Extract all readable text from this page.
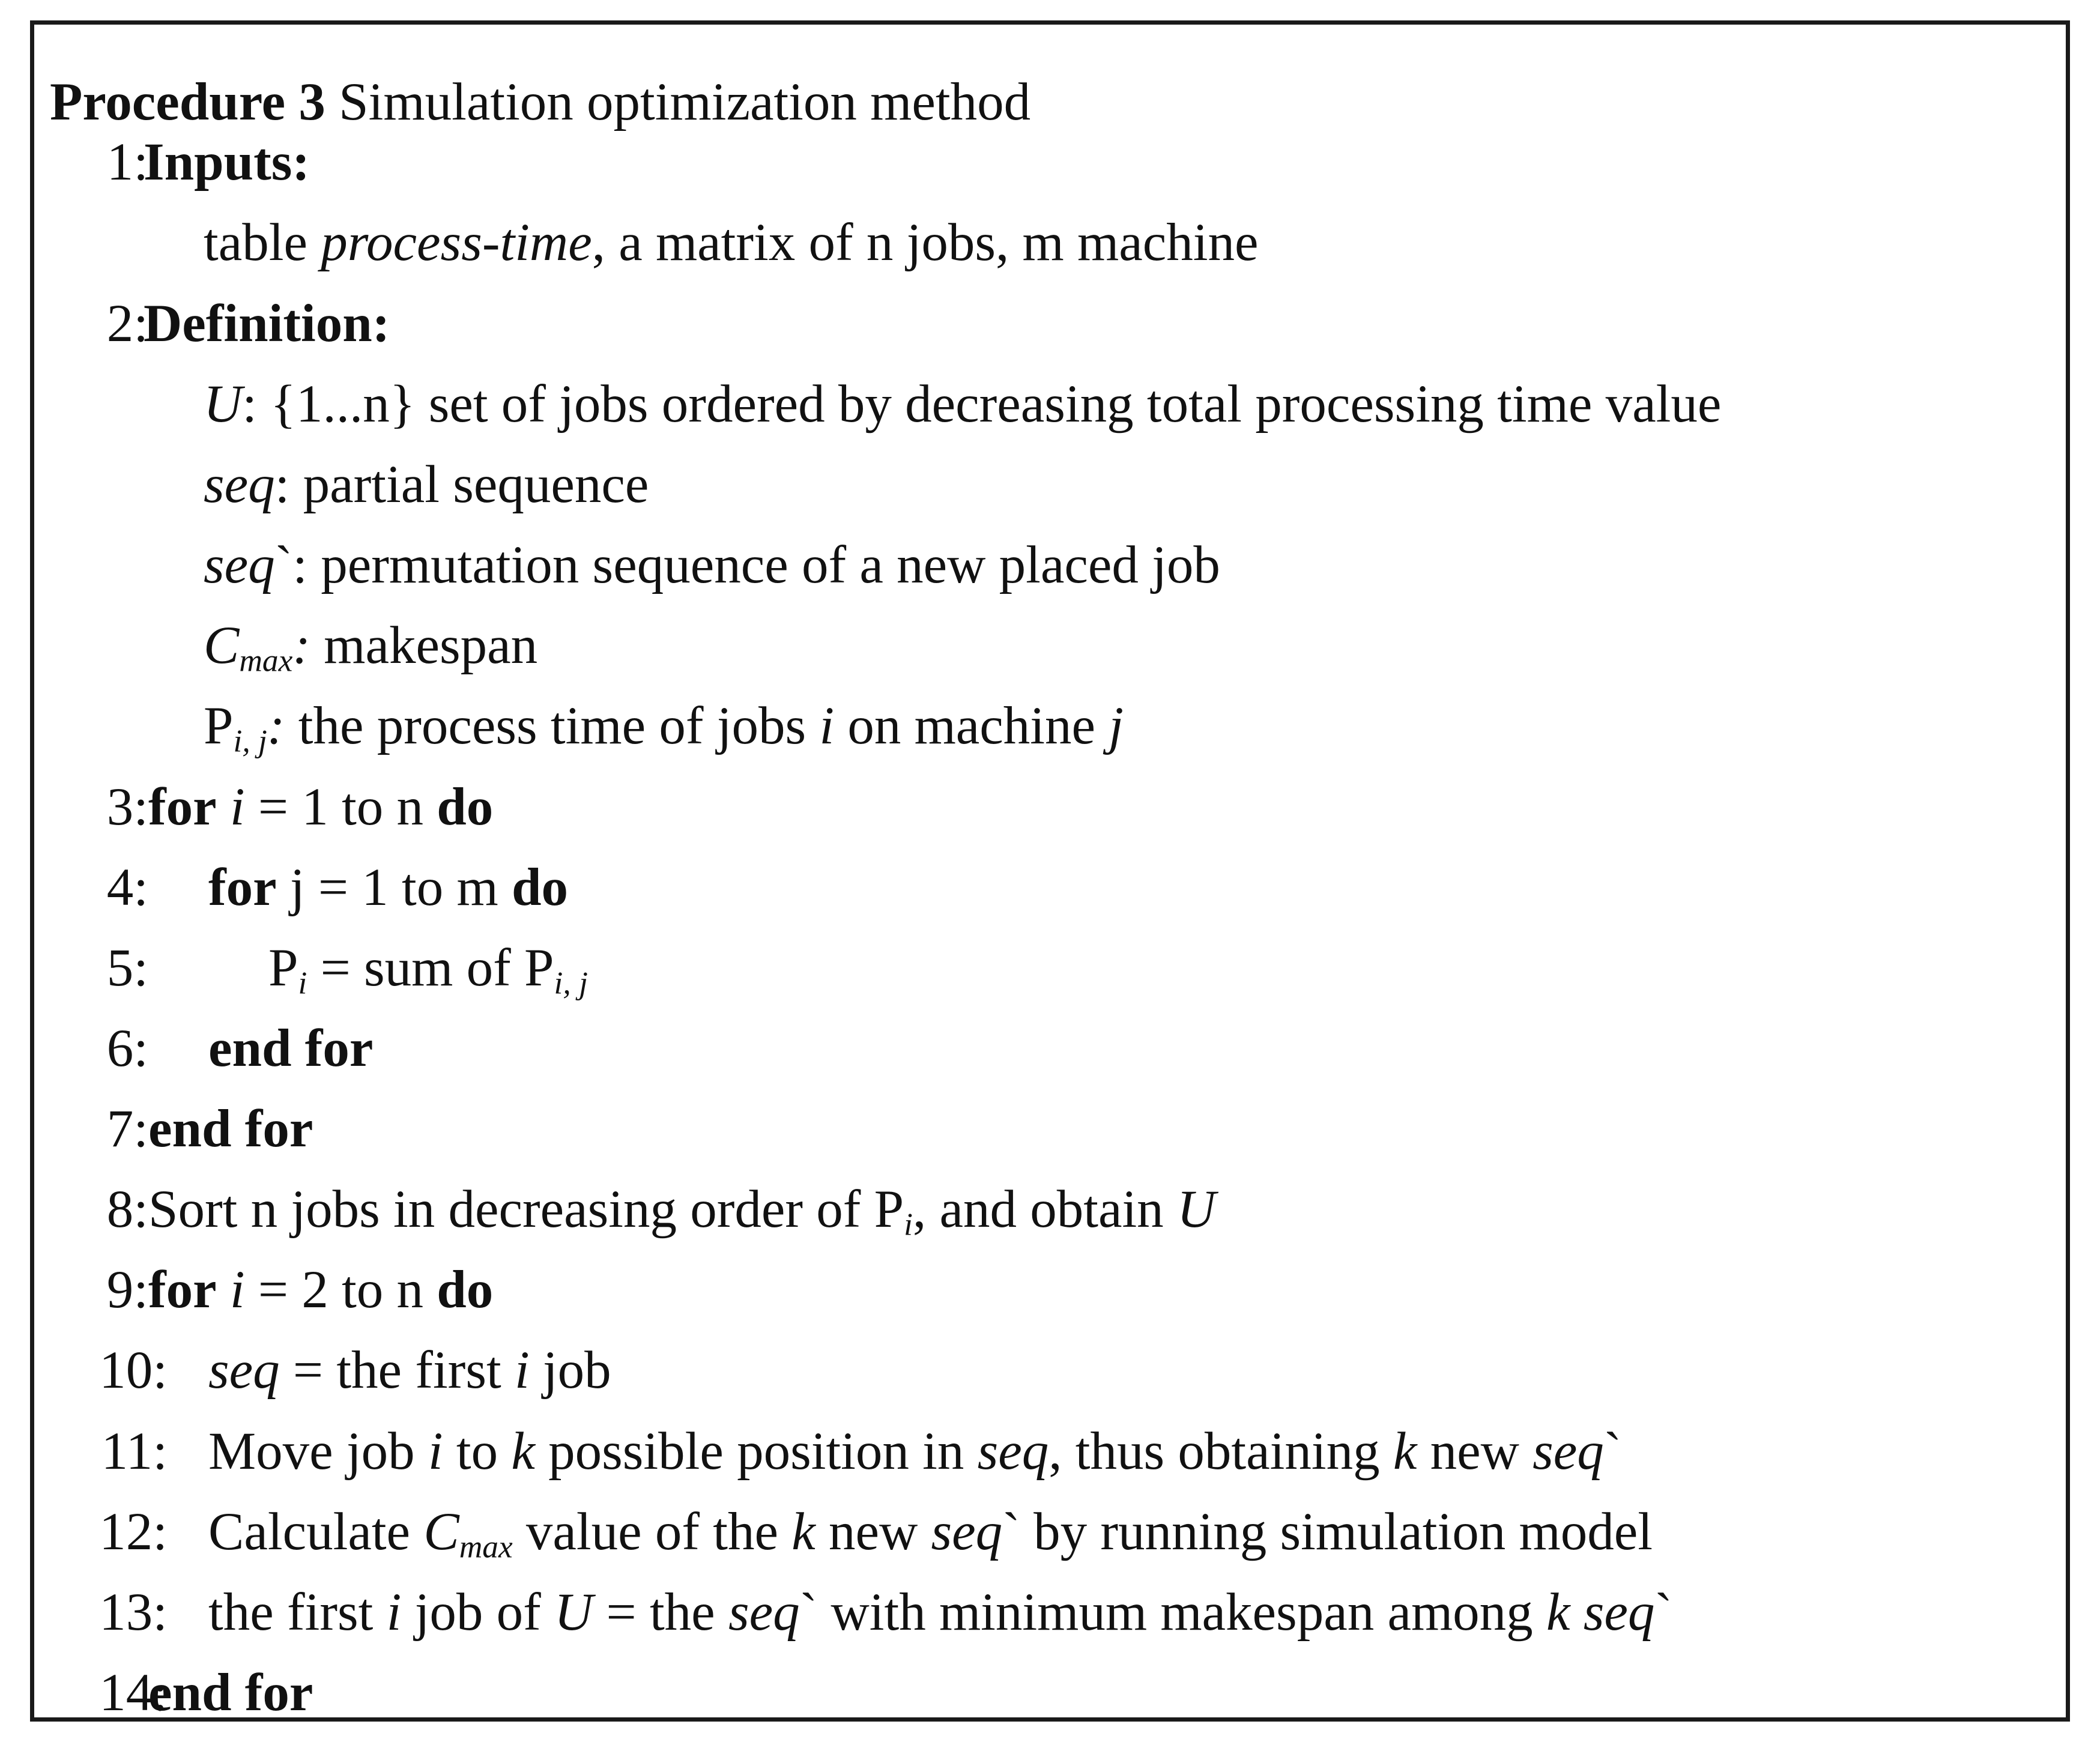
Procedure 3 Simulation optimization method
1:
Inputs:
table process-time, a matrix of n jobs, m machine
2:
Definition:
U: {1...n} set of jobs ordered by decreasing total processing time value
seq: partial sequence
seq`: permutation sequence of a new placed job
$C_{max}$: makespan
$P_{i, j}$: the process time of jobs i on machine j
3: for i = 1 to n do
4: for j = 1 to m do
5: $P_i$ = sum of $P_{i, j}$
6: end for
7: end for
8: Sort n jobs in decreasing order of $P_i$, and obtain U
9: for i = 2 to n do
10: seq = the first i job
11: Move job i to k possible position in seq, thus obtaining k new seq`
12: Calculate $C_{max}$ value of the k new seq` by running simulation model
13: the first i job of U = the seq` with minimum makespan among k seq`
14:
end for
